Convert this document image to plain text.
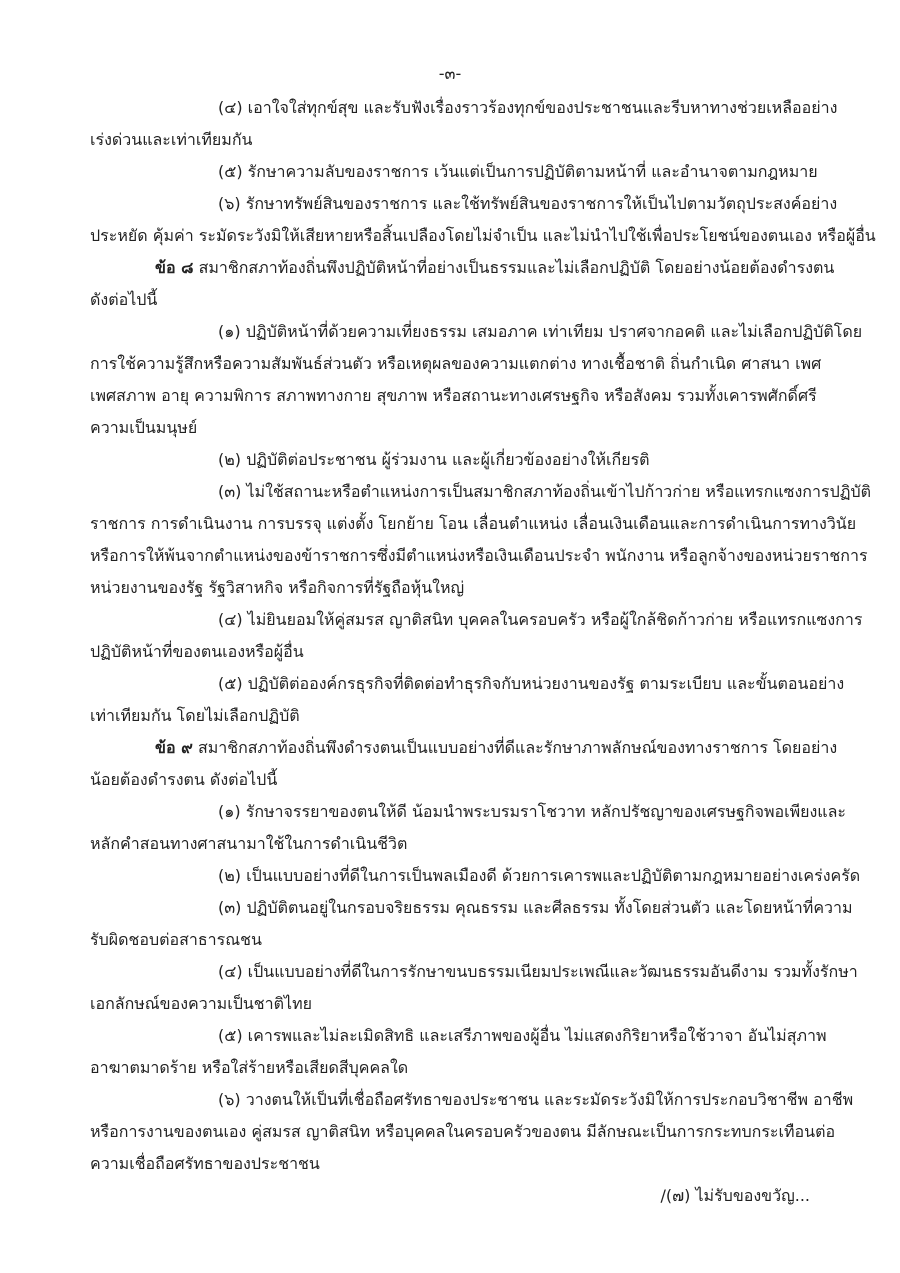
-๓-
(๔) เอาใจใส่ทุกข์สุข และรับฟังเรื่องราวร้องทุกข์ของประชาชนและรีบหาทางช่วยเหลืออย่าง
เร่งด่วนและเท่าเทียมกัน
(๕) รักษาความลับของราชการ เว้นแต่เป็นการปฏิบัติตามหน้าที่ และอำนาจตามกฎหมาย
(๖) รักษาทรัพย์สินของราชการ และใช้ทรัพย์สินของราชการให้เป็นไปตามวัตถุประสงค์อย่าง
ประหยัด คุ้มค่า ระมัดระวังมิให้เสียหายหรือสิ้นเปลืองโดยไม่จำเป็น และไม่นำไปใช้เพื่อประโยชน์ของตนเอง หรือผู้อื่น
ข้อ ๘ สมาชิกสภาท้องถิ่นพึงปฏิบัติหน้าที่อย่างเป็นธรรมและไม่เลือกปฏิบัติ โดยอย่างน้อยต้องดำรงตน
ดังต่อไปนี้
(๑) ปฏิบัติหน้าที่ด้วยความเที่ยงธรรม เสมอภาค เท่าเทียม ปราศจากอคติ และไม่เลือกปฏิบัติโดย
การใช้ความรู้สึกหรือความสัมพันธ์ส่วนตัว หรือเหตุผลของความแตกต่าง ทางเชื้อชาติ ถิ่นกำเนิด ศาสนา เพศ
เพศสภาพ อายุ ความพิการ สภาพทางกาย สุขภาพ หรือสถานะทางเศรษฐกิจ หรือสังคม รวมทั้งเคารพศักดิ์ศรี
ความเป็นมนุษย์
(๒) ปฏิบัติต่อประชาชน ผู้ร่วมงาน และผู้เกี่ยวข้องอย่างให้เกียรติ
(๓) ไม่ใช้สถานะหรือตำแหน่งการเป็นสมาชิกสภาท้องถิ่นเข้าไปก้าวก่าย หรือแทรกแซงการปฏิบัติ
ราชการ การดำเนินงาน การบรรจุ แต่งตั้ง โยกย้าย โอน เลื่อนตำแหน่ง เลื่อนเงินเดือนและการดำเนินการทางวินัย
หรือการให้พ้นจากตำแหน่งของข้าราชการซึ่งมีตำแหน่งหรือเงินเดือนประจำ พนักงาน หรือลูกจ้างของหน่วยราชการ
หน่วยงานของรัฐ รัฐวิสาหกิจ หรือกิจการที่รัฐถือหุ้นใหญ่
(๔) ไม่ยินยอมให้คู่สมรส ญาติสนิท บุคคลในครอบครัว หรือผู้ใกล้ชิดก้าวก่าย หรือแทรกแซงการ
ปฏิบัติหน้าที่ของตนเองหรือผู้อื่น
(๕) ปฏิบัติต่อองค์กรธุรกิจที่ติดต่อทำธุรกิจกับหน่วยงานของรัฐ ตามระเบียบ และขั้นตอนอย่าง
เท่าเทียมกัน โดยไม่เลือกปฏิบัติ
ข้อ ๙ สมาชิกสภาท้องถิ่นพึงดำรงตนเป็นแบบอย่างที่ดีและรักษาภาพลักษณ์ของทางราชการ โดยอย่าง
น้อยต้องดำรงตน ดังต่อไปนี้
(๑) รักษาจรรยาของตนให้ดี น้อมนำพระบรมราโชวาท หลักปรัชญาของเศรษฐกิจพอเพียงและ
หลักคำสอนทางศาสนามาใช้ในการดำเนินชีวิต
(๒) เป็นแบบอย่างที่ดีในการเป็นพลเมืองดี ด้วยการเคารพและปฏิบัติตามกฎหมายอย่างเคร่งครัด
(๓) ปฏิบัติตนอยู่ในกรอบจริยธรรม คุณธรรม และศีลธรรม ทั้งโดยส่วนตัว และโดยหน้าที่ความ
รับผิดชอบต่อสาธารณชน
(๔) เป็นแบบอย่างที่ดีในการรักษาขนบธรรมเนียมประเพณีและวัฒนธรรมอันดีงาม รวมทั้งรักษา
เอกลักษณ์ของความเป็นชาติไทย
(๕) เคารพและไม่ละเมิดสิทธิ และเสรีภาพของผู้อื่น ไม่แสดงกิริยาหรือใช้วาจา อันไม่สุภาพ
อาฆาตมาดร้าย หรือใส่ร้ายหรือเสียดสีบุคคลใด
(๖) วางตนให้เป็นที่เชื่อถือศรัทธาของประชาชน และระมัดระวังมิให้การประกอบวิชาชีพ อาชีพ
หรือการงานของตนเอง คู่สมรส ญาติสนิท หรือบุคคลในครอบครัวของตน มีลักษณะเป็นการกระทบกระเทือนต่อ
ความเชื่อถือศรัทธาของประชาชน
/(๗) ไม่รับของขวัญ...
